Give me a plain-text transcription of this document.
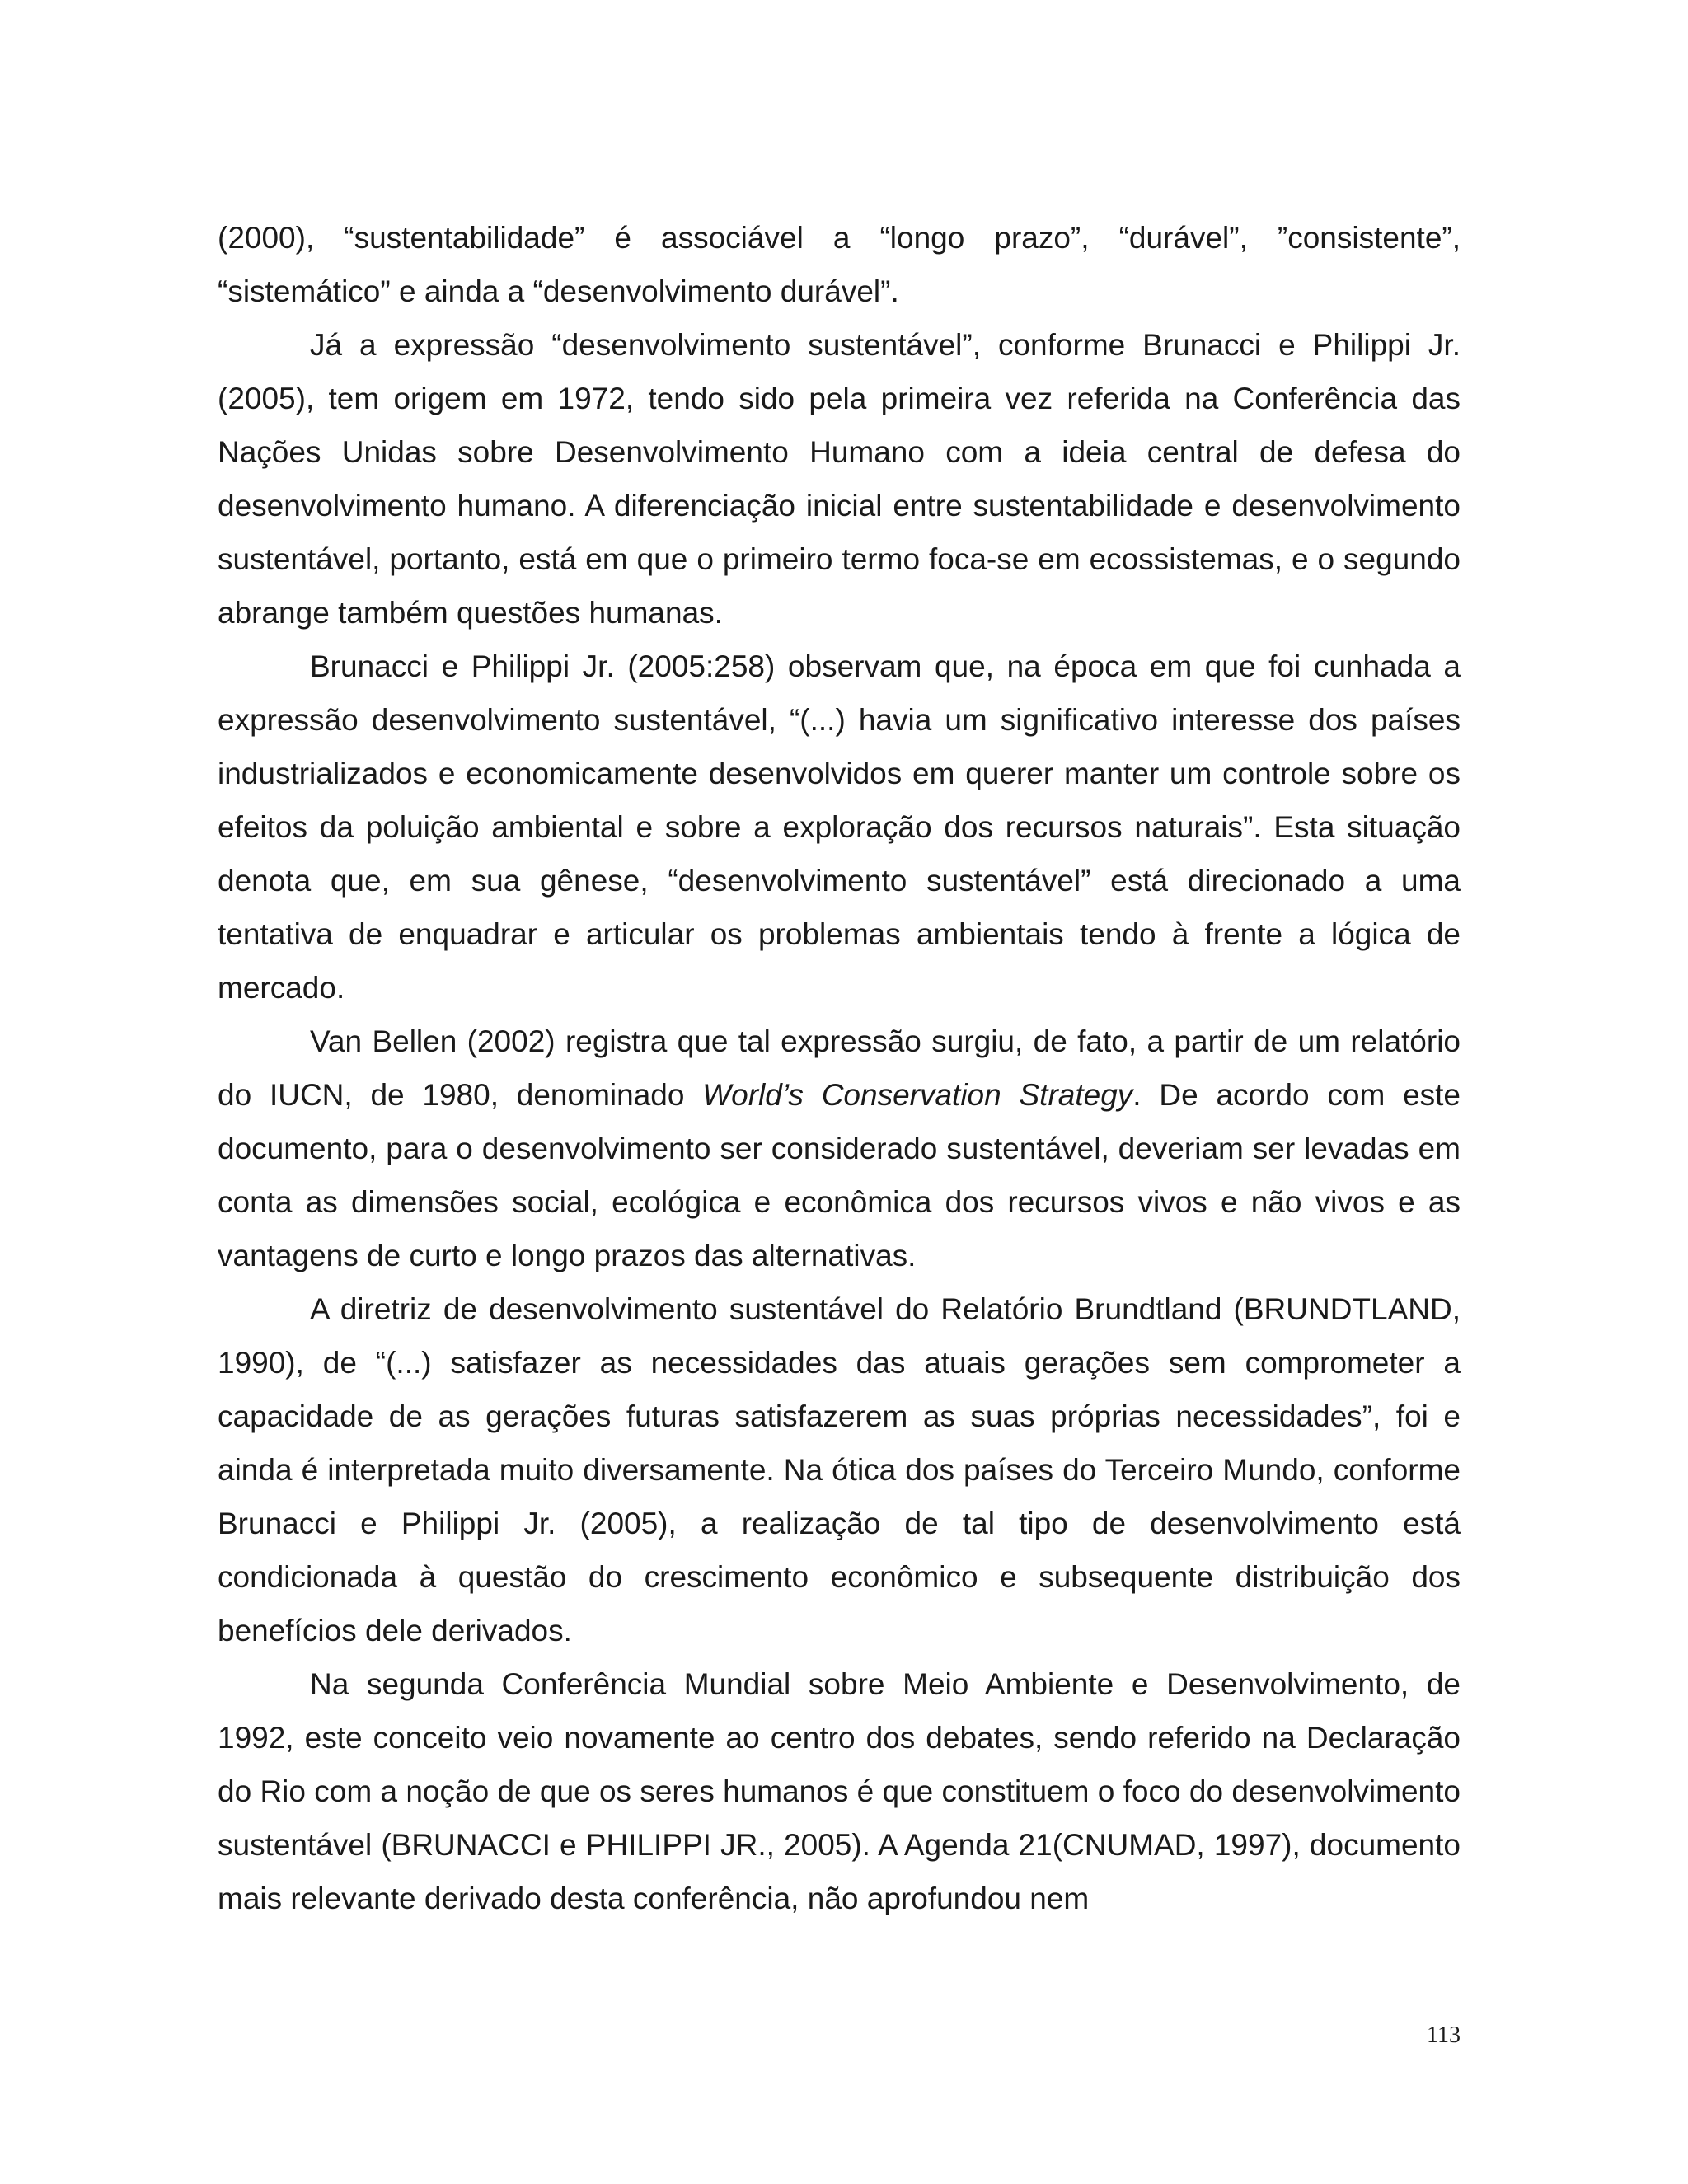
(2000), “sustentabilidade” é associável a “longo prazo”, “durável”, ”consistente”, “sistemático” e ainda a “desenvolvimento durável”.

Já a expressão “desenvolvimento sustentável”, conforme Brunacci e Philippi Jr. (2005), tem origem em 1972, tendo sido pela primeira vez referida na Conferência das Nações Unidas sobre Desenvolvimento Humano com a ideia central de defesa do desenvolvimento humano. A diferenciação inicial entre sustentabilidade e desenvolvimento sustentável, portanto, está em que o primeiro termo foca-se em ecossistemas, e o segundo abrange também questões humanas.

Brunacci e Philippi Jr. (2005:258) observam que, na época em que foi cunhada a expressão desenvolvimento sustentável, “(...) havia um significativo interesse dos países industrializados e economicamente desenvolvidos em querer manter um controle sobre os efeitos da poluição ambiental e sobre a exploração dos recursos naturais”. Esta situação denota que, em sua gênese, “desenvolvimento sustentável” está direcionado a uma tentativa de enquadrar e articular os problemas ambientais tendo à frente a lógica de mercado.

Van Bellen (2002) registra que tal expressão surgiu, de fato, a partir de um relatório do IUCN, de 1980, denominado World’s Conservation Strategy. De acordo com este documento, para o desenvolvimento ser considerado sustentável, deveriam ser levadas em conta as dimensões social, ecológica e econômica dos recursos vivos e não vivos e as vantagens de curto e longo prazos das alternativas.

A diretriz de desenvolvimento sustentável do Relatório Brundtland (BRUNDTLAND, 1990), de “(...) satisfazer as necessidades das atuais gerações sem comprometer a capacidade de as gerações futuras satisfazerem as suas próprias necessidades”, foi e ainda é interpretada muito diversamente. Na ótica dos países do Terceiro Mundo, conforme Brunacci e Philippi Jr. (2005), a realização de tal tipo de desenvolvimento está condicionada à questão do crescimento econômico e subsequente distribuição dos benefícios dele derivados.

Na segunda Conferência Mundial sobre Meio Ambiente e Desenvolvimento, de 1992, este conceito veio novamente ao centro dos debates, sendo referido na Declaração do Rio com a noção de que os seres humanos é que constituem o foco do desenvolvimento sustentável (BRUNACCI e PHILIPPI JR., 2005). A Agenda 21(CNUMAD, 1997), documento mais relevante derivado desta conferência, não aprofundou nem

113
